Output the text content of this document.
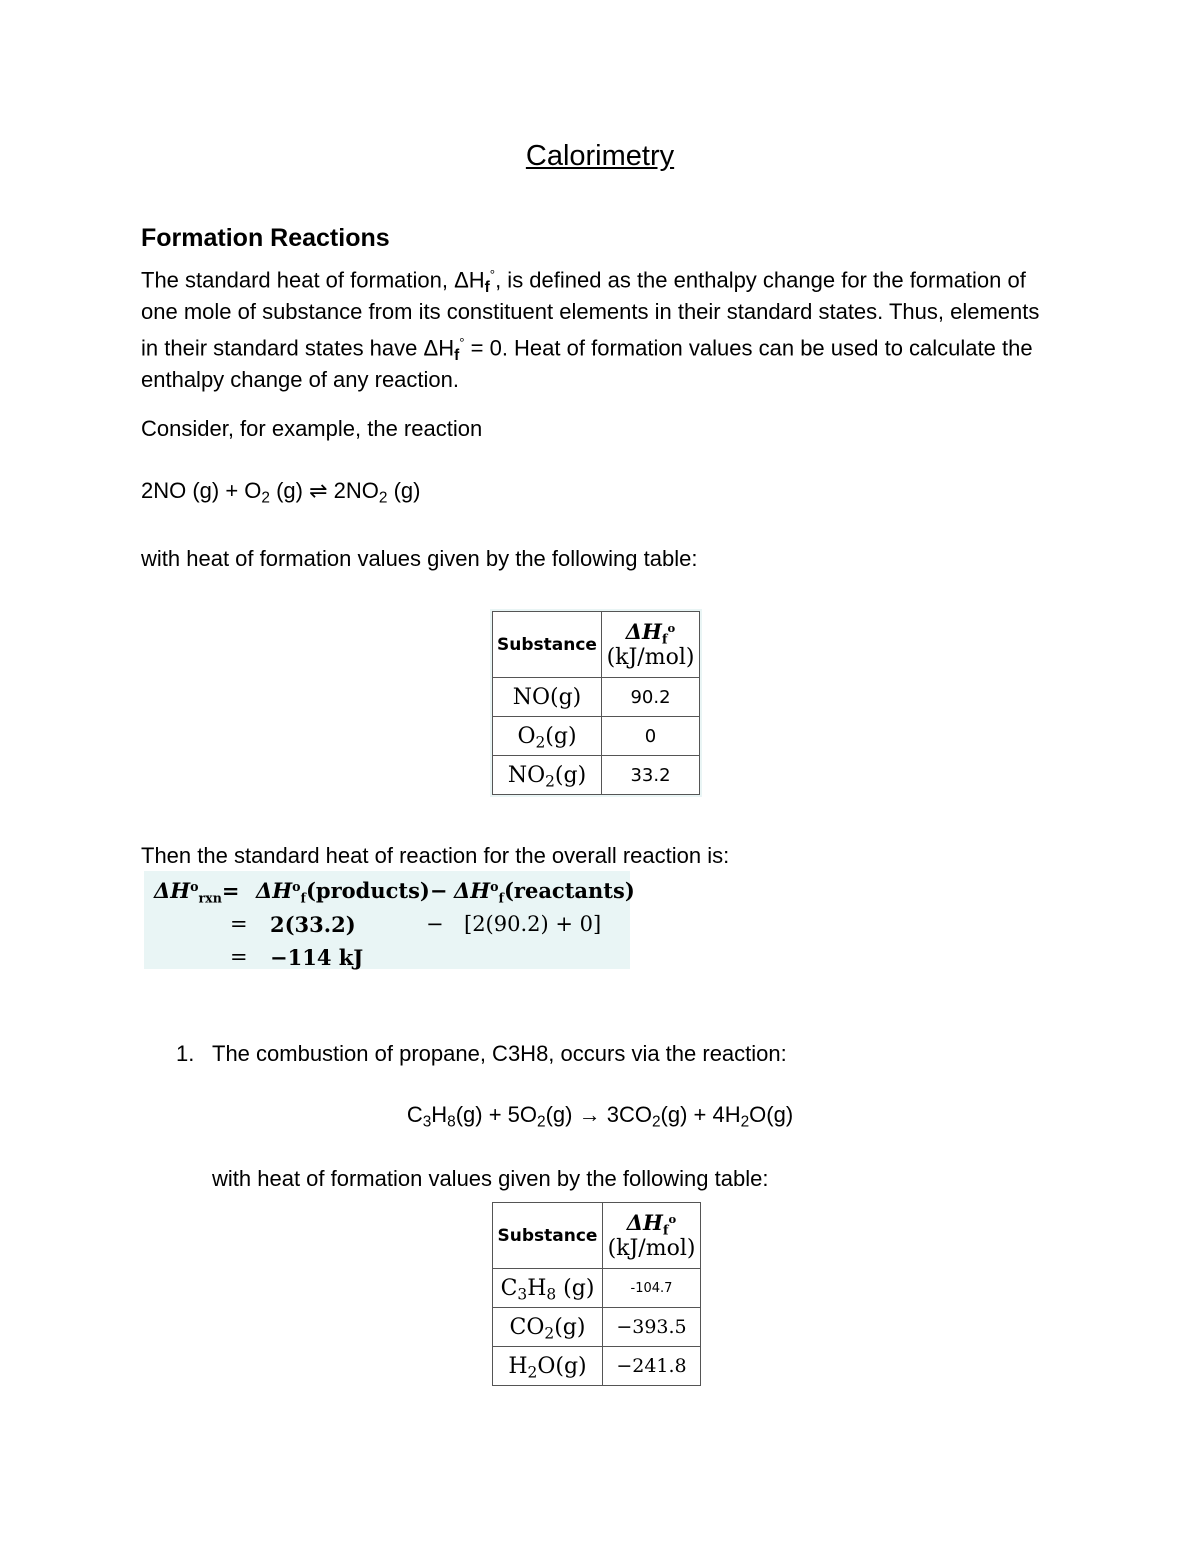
Calorimetry
Formation Reactions
The standard heat of formation, $\Delta H_f^\circ$, is defined as the enthalpy change for the formation of one mole of substance from its constituent elements in their standard states. Thus, elements in their standard states have $\Delta H_f^\circ = 0$. Heat of formation values can be used to calculate the enthalpy change of any reaction.
Consider, for example, the reaction
2NO $(g) + O_2$ (g) ⇌ $2NO_2$ (g)
with heat of formation values given by the following table:
Substance	$\Delta H_f^o$
(kJ/mol)

NO(g)	90.2
$O_2(g)$	0
$NO_2(g)$	33.2
Then the standard heat of reaction for the overall reaction is:
$\Delta H^o_{rxn}=$ $\Delta H^o_f(products)-$ $\Delta H^o_f(reactants)$
= 2(33.2)	− [2(90.2) + 0]
= −114 kJ
1. The combustion of propane, C3H8, occurs via the reaction:
$C_3H_8(g) + 5O_2(g) \to 3CO_2(g) + 4H_2O(g)$
with heat of formation values given by the following table:
Substance	$\Delta H_f^o$
(kJ/mol)

$C_3H_8$ (g)	-104.7
$CO_2(g)$	−393.5
$H_2O(g)$	−241.8
